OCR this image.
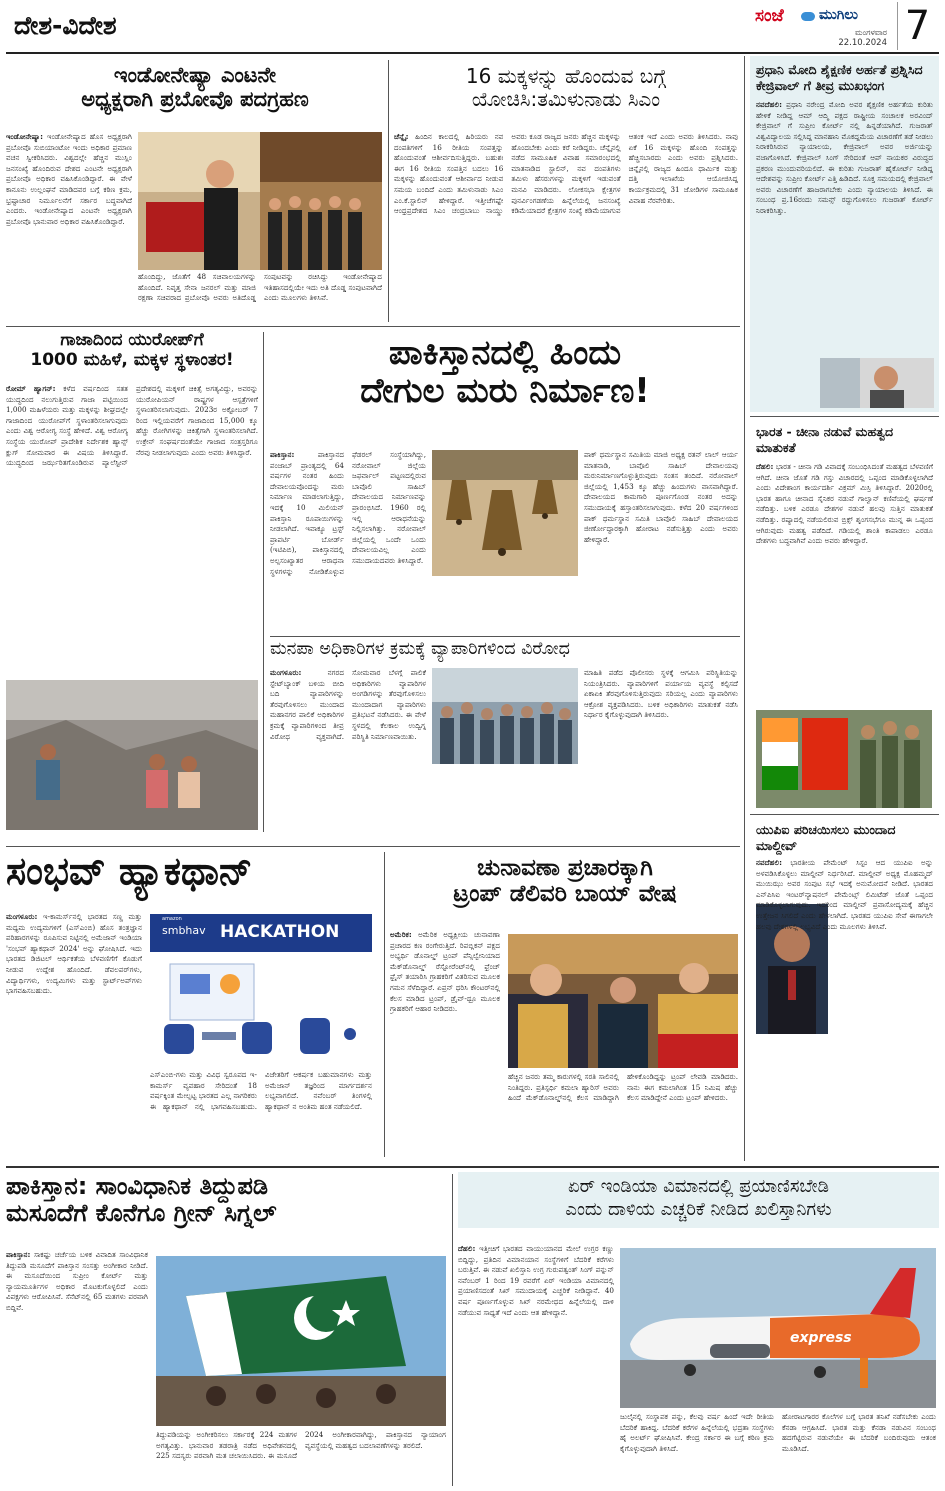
ದೇಶ-ವಿದೇಶ	ಸಂಜೆ	ಮುಗಿಲು
ಮಂಗಳವಾರ
22.10.2024 7
ಇಂಡೋನೇಷ್ಯಾ ಎಂಟನೇ
ಅಧ್ಯಕ್ಷರಾಗಿ ಪ್ರಬೋವೊ ಪದಗ್ರಹಣ
ಇಂಡೋನೇಷ್ಯಾ: ಇಂಡೋನೇಷ್ಯಾದ ಹೊಸ ಅಧ್ಯಕ್ಷರಾಗಿ ಪ್ರಬೋವೊ ಸುಬಿಯಾಂಟೋ ಇಂದು ಅಧಿಕಾರ ಪ್ರಮಾಣ ವಚನ ಸ್ವೀಕರಿಸಿದರು. ವಿಶ್ವದಲ್ಲೇ ಹೆಚ್ಚಿನ ಮುಸ್ಲಿಂ ಜನಸಂಖ್ಯೆ ಹೊಂದಿರುವ ದೇಶದ ಎಂಟನೇ ಅಧ್ಯಕ್ಷರಾಗಿ ಪ್ರಬೋವೊ ಅಧಿಕಾರ ವಹಿಸಿಕೊಂಡಿದ್ದಾರೆ. ಈ ವೇಳೆ ಕಾನೂನು ಉಲ್ಲಂಘನೆ ಮಾಡಿದವರ ಬಗ್ಗೆ ಕಠಿಣ ಕ್ರಮ, ಭ್ರಷ್ಟಾಚಾರ ನಿರ್ಮೂಲನೆಗೆ ಸರ್ಕಾರ ಬದ್ಧವಾಗಿದೆ ಎಂದರು. ಇಂಡೋನೇಷ್ಯಾದ ಎಂಟನೇ ಅಧ್ಯಕ್ಷರಾಗಿ ಪ್ರಬೋವೊ ಭಾನುವಾರ ಅಧಿಕಾರ ವಹಿಸಿಕೊಂಡಿದ್ದಾರೆ.
ಹೊಂದಿದ್ದು, ಜೊತೆಗೆ 48 ಸಚಿವಾಲಯಗಳನ್ನು ಹೊಂದಿದೆ. ನಿವೃತ್ತ ಸೇನಾ ಜನರಲ್ ಮತ್ತು ಮಾಜಿ ರಕ್ಷಣಾ ಸಚಿವರಾದ ಪ್ರಬೋವೊ ಅವರು ಅತಿದೊಡ್ಡ ಸಂಪುಟವನ್ನು ರಚಿಸಿದ್ದು ಇಂಡೋನೇಷ್ಯಾದ ಇತಿಹಾಸದಲ್ಲಿಯೇ ಇದು ಅತಿ ದೊಡ್ಡ ಸಂಪುಟವಾಗಿದೆ ಎಂದು ಮೂಲಗಳು ತಿಳಿಸಿವೆ.
16 ಮಕ್ಕಳನ್ನು ಹೊಂದುವ ಬಗ್ಗೆ
ಯೋಚಿಸಿ:ತಮಿಳುನಾಡು ಸಿಎಂ
ಚೆನ್ನೈ: ಹಿಂದಿನ ಕಾಲದಲ್ಲಿ ಹಿರಿಯರು ನವ ದಂಪತಿಗಳಿಗೆ 16 ರೀತಿಯ ಸಂಪತ್ತನ್ನು ಹೊಂದುವಂತೆ ಆಶೀರ್ವದಿಸುತ್ತಿದ್ದರು. ಬಹುಶಃ ಈಗ 16 ರೀತಿಯ ಸಂಪತ್ತಿನ ಬದಲು 16 ಮಕ್ಕಳನ್ನು ಹೊಂದುವಂತೆ ಆಶೀರ್ವಾದ ನೀಡುವ ಸಮಯ ಬಂದಿದೆ ಎಂದು ತಮಿಳುನಾಡು ಸಿಎಂ ಎಂ.ಕೆ.ಸ್ಟಾಲಿನ್ ಹೇಳಿದ್ದಾರೆ. ಇತ್ತೀಚೆಗಷ್ಟೇ ಆಂಧ್ರಪ್ರದೇಶದ ಸಿಎಂ ಚಂದ್ರಬಾಬು ನಾಯ್ಡು ಅವರು ಕೂಡ ರಾಜ್ಯದ ಜನರು ಹೆಚ್ಚಿನ ಮಕ್ಕಳನ್ನು ಹೊಂದಬೇಕು ಎಂದು ಕರೆ ನೀಡಿದ್ದರು. ಚೆನ್ನೈನಲ್ಲಿ ನಡೆದ ಸಾಮೂಹಿಕ ವಿವಾಹ ಸಮಾರಂಭದಲ್ಲಿ ಮಾತನಾಡಿದ ಸ್ಟಾಲಿನ್, ನವ ದಂಪತಿಗಳು ತಮಿಳು ಹೆಸರುಗಳನ್ನು ಮಕ್ಕಳಿಗೆ ಇಡುವಂತೆ ಮನವಿ ಮಾಡಿದರು. ಲೋಕಸಭಾ ಕ್ಷೇತ್ರಗಳ ಪುನರ್ವಿಂಗಡಣೆಯ ಹಿನ್ನೆಲೆಯಲ್ಲಿ ಜನಸಂಖ್ಯೆ ಕಡಿಮೆಯಾದರೆ ಕ್ಷೇತ್ರಗಳ ಸಂಖ್ಯೆ ಕಡಿಮೆಯಾಗುವ ಆತಂಕ ಇದೆ ಎಂದು ಅವರು ತಿಳಿಸಿದರು. ನಾವು ಏಕೆ 16 ಮಕ್ಕಳನ್ನು ಹೊಂದಿ ಸಂಪತ್ತನ್ನು ಹೆಚ್ಚಿಸಬಾರದು ಎಂದು ಅವರು ಪ್ರಶ್ನಿಸಿದರು. ಚಿನ್ನೈನಲ್ಲಿ ರಾಜ್ಯದ ಹಿಂದೂ ಧಾರ್ಮಿಕ ಮತ್ತು ದತ್ತಿ ಇಲಾಖೆಯ ಆಯೋಜಿಸಿದ್ದ ಕಾರ್ಯಕ್ರಮದಲ್ಲಿ 31 ಜೋಡಿಗಳ ಸಾಮೂಹಿಕ ವಿವಾಹ ನೆರವೇರಿತು.
ಪ್ರಧಾನಿ ಮೋದಿ ಶೈಕ್ಷಣಿಕ ಅರ್ಹತೆ ಪ್ರಶ್ನಿಸಿದ ಕೇಜ್ರಿವಾಲ್ ಗೆ ತೀವ್ರ ಮುಖಭಂಗ
ನವದೆಹಲಿ: ಪ್ರಧಾನಿ ನರೇಂದ್ರ ಮೋದಿ ಅವರ ಶೈಕ್ಷಣಿಕ ಅರ್ಹತೆಯ ಕುರಿತು ಹೇಳಿಕೆ ನೀಡಿದ್ದ ಆಮ್ ಆದ್ಮಿ ಪಕ್ಷದ ರಾಷ್ಟ್ರೀಯ ಸಂಚಾಲಕ ಅರವಿಂದ್ ಕೇಜ್ರಿವಾಲ್ ಗೆ ಸುಪ್ರೀಂ ಕೋರ್ಟ್ ನಲ್ಲಿ ಹಿನ್ನಡೆಯಾಗಿದೆ. ಗುಜರಾತ್ ವಿಶ್ವವಿದ್ಯಾಲಯ ಸಲ್ಲಿಸಿದ್ದ ಮಾನಹಾನಿ ಮೊಕದ್ದಮೆಯ ವಿಚಾರಣೆಗೆ ತಡೆ ನೀಡಲು ನಿರಾಕರಿಸಿರುವ ನ್ಯಾಯಾಲಯ, ಕೇಜ್ರಿವಾಲ್ ಅವರ ಅರ್ಜಿಯನ್ನು ವಜಾಗೊಳಿಸಿದೆ. ಕೇಜ್ರಿವಾಲ್ ಸಿಂಗ್ ಸೇರಿದಂತೆ ಆಪ್ ನಾಯಕರ ವಿರುದ್ಧದ ಪ್ರಕರಣ ಮುಂದುವರಿಯಲಿದೆ. ಈ ಕುರಿತು ಗುಜರಾತ್ ಹೈಕೋರ್ಟ್ ನೀಡಿದ್ದ ಆದೇಶವನ್ನು ಸುಪ್ರೀಂ ಕೋರ್ಟ್ ಎತ್ತಿ ಹಿಡಿದಿದೆ. ಸೂಕ್ತ ಸಮಯದಲ್ಲಿ ಕೇಜ್ರಿವಾಲ್ ಅವರು ವಿಚಾರಣೆಗೆ ಹಾಜರಾಗಬೇಕು ಎಂದು ನ್ಯಾಯಾಲಯ ತಿಳಿಸಿದೆ. ಈ ಸಂಬಂಧ ಪ್ರ.16ರಂದು ಸಮನ್ಸ್ ರದ್ದುಗೊಳಿಸಲು ಗುಜರಾತ್ ಕೋರ್ಟ್ ನಿರಾಕರಿಸಿತ್ತು.
ಗಾಜಾದಿಂದ ಯುರೋಪ್‌ಗೆ
1000 ಮಹಿಳೆ, ಮಕ್ಕಳ ಸ್ಥಳಾಂತರ!
ರೋಮ್ ಹ್ಯಾಗನ್: ಕಳೆದ ವರ್ಷದಿಂದ ಸತತ ಯುದ್ಧದಿಂದ ನಲುಗುತ್ತಿರುವ ಗಾಜಾ ಪಟ್ಟಿಯಿಂದ 1,000 ಮಹಿಳೆಯರು ಮತ್ತು ಮಕ್ಕಳನ್ನು ಶೀಘ್ರದಲ್ಲೇ ಗಾಜಾದಿಂದ ಯುರೋಪ್‌ಗೆ ಸ್ಥಳಾಂತರಿಸಲಾಗುವುದು ಎಂದು ವಿಶ್ವ ಆರೋಗ್ಯ ಸಂಸ್ಥೆ ಹೇಳಿದೆ. ವಿಶ್ವ ಆರೋಗ್ಯ ಸಂಸ್ಥೆಯ ಯುರೋಪ್ ಪ್ರಾದೇಶಿಕ ನಿರ್ದೇಶಕ ಹ್ಯಾನ್ಸ್ ಕ್ಲುಗ್ ಸೋಮವಾರ ಈ ವಿಷಯ ತಿಳಿಸಿದ್ದಾರೆ. ಯುದ್ಧದಿಂದ ಜರ್ಝರಿತಗೊಂಡಿರುವ ಪ್ಯಾಲೆಸ್ಟೀನ್ ಪ್ರದೇಶದಲ್ಲಿ ಮಕ್ಕಳಿಗೆ ಚಿಕಿತ್ಸೆ ಅಗತ್ಯವಿದ್ದು, ಅವರನ್ನು ಯುರೋಪಿಯನ್ ರಾಷ್ಟ್ರಗಳ ಆಸ್ಪತ್ರೆಗಳಿಗೆ ಸ್ಥಳಾಂತರಿಸಲಾಗುವುದು. 2023ರ ಅಕ್ಟೋಬರ್ 7 ರಿಂದ ಇಲ್ಲಿಯವರೆಗೆ ಗಾಜಾದಿಂದ 15,000 ಕ್ಕೂ ಹೆಚ್ಚು ರೋಗಿಗಳನ್ನು ಚಿಕಿತ್ಸೆಗಾಗಿ ಸ್ಥಳಾಂತರಿಸಲಾಗಿದೆ. ಉಕ್ರೇನ್ ಸಂಘರ್ಷದಂತೆಯೇ ಗಾಜಾದ ಸಂತ್ರಸ್ತರಿಗೂ ನೆರವು ನೀಡಲಾಗುವುದು ಎಂದು ಅವರು ತಿಳಿಸಿದ್ದಾರೆ.
ಪಾಕಿಸ್ತಾನದಲ್ಲಿ ಹಿಂದು
ದೇಗುಲ ಮರು ನಿರ್ಮಾಣ!
ಪಾಕಿಸ್ತಾನ:	ಪಾಕಿಸ್ತಾನದ ಪಂಜಾಬ್ ಪ್ರಾಂತ್ಯದಲ್ಲಿ 64 ವರ್ಷಗಳ ನಂತರ ಹಿಂದು ದೇವಾಲಯವೊಂದನ್ನು ಮರು ನಿರ್ಮಾಣ ಮಾಡಲಾಗುತ್ತಿದ್ದು, ಇದಕ್ಕೆ 10 ಮಿಲಿಯನ್ ಪಾಕಿಸ್ತಾನಿ ರೂಪಾಯಿಗಳನ್ನು ನೀಡಲಾಗಿದೆ. ಇವಾಕ್ಯೂ ಟ್ರಸ್ಟ್ ಪ್ರಾಪರ್ಟಿ ಬೋರ್ಡ್ (ಇಟಿಪಿಬಿ), ಪಾಕಿಸ್ತಾನದಲ್ಲಿ ಅಲ್ಪಸಂಖ್ಯಾತರ ಆರಾಧನಾ ಸ್ಥಳಗಳನ್ನು ನೋಡಿಕೊಳ್ಳುವ ಫೆಡರಲ್ ಸಂಸ್ಥೆಯಾಗಿದ್ದು, ನರೋವಾಲ್ ಜಿಲ್ಲೆಯ ಜಫರ್ವಾಲ್ ಪಟ್ಟಣದಲ್ಲಿರುವ ಬಾವೊಲಿ ಸಾಹಿಬ್ ದೇವಾಲಯದ ನಿರ್ಮಾಣವನ್ನು ಪ್ರಾರಂಭಿಸಿದೆ. 1960 ರಲ್ಲಿ ಇಲ್ಲಿ ಆರಾಧನೆಯನ್ನು ನಿಲ್ಲಿಸಲಾಗಿತ್ತು. ನರೋವಾಲ್ ಜಿಲ್ಲೆಯಲ್ಲಿ ಒಂದೇ ಒಂದು ದೇವಾಲಯವಿಲ್ಲ ಎಂದು ಸಮುದಾಯದವರು ತಿಳಿಸಿದ್ದಾರೆ.
ಪಾಕ್ ಧರ್ಮಸ್ಥಾನ ಸಮಿತಿಯ ಮಾಜಿ ಅಧ್ಯಕ್ಷ ರತನ್ ಲಾಲ್ ಆರ್ಯ ಮಾತನಾಡಿ, ಬಾವೊಲಿ ಸಾಹಿಬ್ ದೇವಾಲಯವು ಮರುನಿರ್ಮಾಣಗೊಳ್ಳುತ್ತಿರುವುದು ಸಂತಸ ತಂದಿದೆ. ನರೋವಾಲ್ ಜಿಲ್ಲೆಯಲ್ಲಿ 1,453 ಕ್ಕೂ ಹೆಚ್ಚು ಹಿಂದುಗಳು ವಾಸವಾಗಿದ್ದಾರೆ. ದೇವಾಲಯದ ಕಾಮಗಾರಿ ಪೂರ್ಣಗೊಂಡ ನಂತರ ಅದನ್ನು ಸಮುದಾಯಕ್ಕೆ ಹಸ್ತಾಂತರಿಸಲಾಗುವುದು. ಕಳೆದ 20 ವರ್ಷಗಳಿಂದ ಪಾಕ್ ಧರ್ಮಸ್ಥಾನ ಸಮಿತಿ ಬಾವೊಲಿ ಸಾಹಿಬ್ ದೇವಾಲಯದ ಜೀರ್ಣೋದ್ಧಾರಕ್ಕಾಗಿ ಹೋರಾಟ ನಡೆಸುತ್ತಿತ್ತು ಎಂದು ಅವರು ಹೇಳಿದ್ದಾರೆ.
ಭಾರತ - ಚೀನಾ ನಡುವೆ ಮಹತ್ವದ ಮಾತುಕತೆ
ದೆಹಲಿ: ಭಾರತ - ಚೀನಾ ಗಡಿ ವಿವಾದಕ್ಕೆ ಸಂಬಂಧಿಸಿದಂತೆ ಮಹತ್ವದ ಬೆಳವಣಿಗೆ ಆಗಿದೆ. ಚೀನಾ ಜೊತೆ ಗಡಿ ಗಸ್ತು ವಿಚಾರದಲ್ಲಿ ಒಪ್ಪಂದ ಮಾಡಿಕೊಳ್ಳಲಾಗಿದೆ ಎಂದು ವಿದೇಶಾಂಗ ಕಾರ್ಯದರ್ಶಿ ವಿಕ್ರಮ್ ಮಿಸ್ರಿ ತಿಳಿಸಿದ್ದಾರೆ. 2020ರಲ್ಲಿ ಭಾರತ ಹಾಗೂ ಚೀನಾದ ಸೈನಿಕರ ನಡುವೆ ಗಾಲ್ವಾನ್ ಕಣಿವೆಯಲ್ಲಿ ಘರ್ಷಣೆ ನಡೆದಿತ್ತು. ಬಳಿಕ ಎರಡೂ ದೇಶಗಳ ನಡುವೆ ಹಲವು ಸುತ್ತಿನ ಮಾತುಕತೆ ನಡೆದಿತ್ತು. ರಷ್ಯಾದಲ್ಲಿ ನಡೆಯಲಿರುವ ಬ್ರಿಕ್ಸ್ ಶೃಂಗಸಭೆಗೂ ಮುನ್ನ ಈ ಒಪ್ಪಂದ ಆಗಿರುವುದು ಮಹತ್ವ ಪಡೆದಿದೆ. ಗಡಿಯಲ್ಲಿ ಶಾಂತಿ ಕಾಪಾಡಲು ಎರಡೂ ದೇಶಗಳು ಬದ್ಧವಾಗಿವೆ ಎಂದು ಅವರು ಹೇಳಿದ್ದಾರೆ.
ಮನಪಾ ಅಧಿಕಾರಿಗಳ ಕ್ರಮಕ್ಕೆ ವ್ಯಾಪಾರಿಗಳಿಂದ ವಿರೋಧ
ಮಂಗಳೂರು:	ನಗರದ ಸ್ಟೇಟ್‌ಬ್ಯಾಂಕ್ ಬಳಿಯ ಬೀದಿ ಬದಿ ವ್ಯಾಪಾರಿಗಳನ್ನು ತೆರವುಗೊಳಿಸಲು ಮುಂದಾದ ಮಹಾನಗರ ಪಾಲಿಕೆ ಅಧಿಕಾರಿಗಳ ಕ್ರಮಕ್ಕೆ ವ್ಯಾಪಾರಿಗಳಿಂದ ತೀವ್ರ ವಿರೋಧ ವ್ಯಕ್ತವಾಗಿದೆ. ಸೋಮವಾರ ಬೆಳಗ್ಗೆ ಪಾಲಿಕೆ ಅಧಿಕಾರಿಗಳು ವ್ಯಾಪಾರಿಗಳ ಅಂಗಡಿಗಳನ್ನು ತೆರವುಗೊಳಿಸಲು ಮುಂದಾದಾಗ ವ್ಯಾಪಾರಿಗಳು ಪ್ರತಿಭಟನೆ ನಡೆಸಿದರು. ಈ ವೇಳೆ ಸ್ಥಳದಲ್ಲಿ ಕೆಲಕಾಲ ಉದ್ವಿಗ್ನ ಪರಿಸ್ಥಿತಿ ನಿರ್ಮಾಣವಾಯಿತು.
ಮಾಹಿತಿ ಪಡೆದ ಪೊಲೀಸರು ಸ್ಥಳಕ್ಕೆ ಆಗಮಿಸಿ ಪರಿಸ್ಥಿತಿಯನ್ನು ನಿಯಂತ್ರಿಸಿದರು. ವ್ಯಾಪಾರಿಗಳಿಗೆ ಪರ್ಯಾಯ ವ್ಯವಸ್ಥೆ ಕಲ್ಪಿಸದೆ ಏಕಾಏಕಿ ತೆರವುಗೊಳಿಸುತ್ತಿರುವುದು ಸರಿಯಲ್ಲ ಎಂದು ವ್ಯಾಪಾರಿಗಳು ಆಕ್ರೋಶ ವ್ಯಕ್ತಪಡಿಸಿದರು. ಬಳಿಕ ಅಧಿಕಾರಿಗಳು ಮಾತುಕತೆ ನಡೆಸಿ ನಿರ್ಧಾರ ಕೈಗೊಳ್ಳುವುದಾಗಿ ತಿಳಿಸಿದರು.
ಸಂಭವ್ ಹ್ಯಾಕಥಾನ್
ಮಂಗಳೂರು: ಇ-ಕಾಮರ್ಸ್‌ನಲ್ಲಿ ಭಾರತದ ಸಣ್ಣ ಮತ್ತು ಮಧ್ಯಮ ಉದ್ಯಮಗಳಿಗೆ (ಎಸ್‌ಎಂಬಿ) ಹೊಸ ತಂತ್ರಜ್ಞಾನ ಪರಿಹಾರಗಳನ್ನು ರೂಪಿಸುವ ನಿಟ್ಟಿನಲ್ಲಿ ಅಮೆಜಾನ್ ಇಂಡಿಯಾ 'ಸಂಭವ್ ಹ್ಯಾಕಥಾನ್ 2024' ಅನ್ನು ಘೋಷಿಸಿದೆ. ಇದು ಭಾರತದ ಡಿಜಿಟಲ್ ಆರ್ಥಿಕತೆಯ ಬೆಳವಣಿಗೆಗೆ ಕೊಡುಗೆ ನೀಡುವ ಉದ್ದೇಶ ಹೊಂದಿದೆ. ಡೆವಲಪರ್‌ಗಳು, ವಿದ್ಯಾರ್ಥಿಗಳು, ಉದ್ಯಮಿಗಳು ಮತ್ತು ಸ್ಟಾರ್ಟ್‌ಅಪ್‌ಗಳು ಭಾಗವಹಿಸಬಹುದು.
amazon
smbhav HACKATHON
ಎಸ್‌ಎಂಬಿ-ಗಳು ಮತ್ತು ವಿವಿಧ ಸ್ವರೂಪದ ಇ-ಕಾಮರ್ಸ್ ವ್ಯವಹಾರ ಸೇರಿದಂತೆ 18 ವರ್ಷಕ್ಕಿಂತ ಮೇಲ್ಪಟ್ಟ ಭಾರತದ ಎಲ್ಲ ನಾಗರಿಕರು ಈ ಹ್ಯಾಕಥಾನ್ ನಲ್ಲಿ ಭಾಗವಹಿಸಬಹುದು. ವಿಜೇತರಿಗೆ ಆಕರ್ಷಕ ಬಹುಮಾನಗಳು ಮತ್ತು ಅಮೆಜಾನ್ ತಜ್ಞರಿಂದ ಮಾರ್ಗದರ್ಶನ ಲಭ್ಯವಾಗಲಿದೆ. ನವೆಂಬರ್ ತಿಂಗಳಲ್ಲಿ ಹ್ಯಾಕಥಾನ್ ನ ಅಂತಿಮ ಹಂತ ನಡೆಯಲಿದೆ.
ಚುನಾವಣಾ ಪ್ರಚಾರಕ್ಕಾಗಿ
ಟ್ರಂಪ್ ಡೆಲಿವರಿ ಬಾಯ್ ವೇಷ
ಅಮೆರಿಕ: ಅಮೆರಿಕ ಅಧ್ಯಕ್ಷೀಯ ಚುನಾವಣಾ ಪ್ರಚಾರದ ಕಣ ರಂಗೇರುತ್ತಿದೆ. ರಿಪಬ್ಲಿಕನ್ ಪಕ್ಷದ ಅಭ್ಯರ್ಥಿ ಡೊನಾಲ್ಡ್ ಟ್ರಂಪ್ ಪೆನ್ಸಿಲ್ವೇನಿಯಾದ ಮೆಕ್‌ಡೊನಾಲ್ಡ್ ರೆಸ್ಟೋರೆಂಟ್‌ನಲ್ಲಿ ಫ್ರೆಂಚ್ ಫ್ರೈಸ್ ತಯಾರಿಸಿ ಗ್ರಾಹಕರಿಗೆ ವಿತರಿಸುವ ಮೂಲಕ ಗಮನ ಸೆಳೆದಿದ್ದಾರೆ. ಏಪ್ರನ್ ಧರಿಸಿ ಕೌಂಟರ್‌ನಲ್ಲಿ ಕೆಲಸ ಮಾಡಿದ ಟ್ರಂಪ್, ಡ್ರೈವ್-ಥ್ರೂ ಮೂಲಕ ಗ್ರಾಹಕರಿಗೆ ಆಹಾರ ನೀಡಿದರು.
ಹೆಚ್ಚಿನ ಜನರು ತಮ್ಮ ಕಾರುಗಳಲ್ಲಿ ಸರತಿ ಸಾಲಿನಲ್ಲಿ ನಿಂತಿದ್ದರು. ಪ್ರತಿಸ್ಪರ್ಧಿ ಕಮಲಾ ಹ್ಯಾರಿಸ್ ಅವರು ಹಿಂದೆ ಮೆಕ್‌ಡೊನಾಲ್ಡ್‌ನಲ್ಲಿ ಕೆಲಸ ಮಾಡಿದ್ದಾಗಿ ಹೇಳಿಕೊಂಡಿದ್ದನ್ನು ಟ್ರಂಪ್ ಲೇವಡಿ ಮಾಡಿದರು. ನಾನು ಈಗ ಕಮಲಾಗಿಂತ 15 ನಿಮಿಷ ಹೆಚ್ಚು ಕೆಲಸ ಮಾಡಿದ್ದೇನೆ ಎಂದು ಟ್ರಂಪ್ ಹೇಳಿದರು.
ಯುಪಿಐ ಪರಿಚಯಿಸಲು ಮುಂದಾದ ಮಾಲ್ದೀವ್
ನವದೆಹಲಿ: ಭಾರತೀಯ ಪೇಮೆಂಟ್ ಸಿಸ್ಟಂ ಆದ ಯುಪಿಐ ಅನ್ನು ಅಳವಡಿಸಿಕೊಳ್ಳಲು ಮಾಲ್ದೀವ್ ನಿರ್ಧರಿಸಿದೆ. ಮಾಲ್ದೀವ್ ಅಧ್ಯಕ್ಷ ಮೊಹಮ್ಮದ್ ಮುಯಿಝು ಅವರ ಸಂಪುಟ ಸಭೆ ಇದಕ್ಕೆ ಅನುಮೋದನೆ ನೀಡಿದೆ. ಭಾರತದ ಎನ್‌ಪಿಸಿಐ ಇಂಟರ್‌ನ್ಯಾಷನಲ್ ಪೇಮೆಂಟ್ಸ್ ಲಿಮಿಟೆಡ್ ಜೊತೆ ಒಪ್ಪಂದ ಮಾಡಿಕೊಳ್ಳಲಾಗುವುದು. ಇದರಿಂದ ಮಾಲ್ದೀವ್ ಪ್ರವಾಸೋದ್ಯಮಕ್ಕೆ ಹೆಚ್ಚಿನ ಉತ್ತೇಜನ ಸಿಗಲಿದೆ ಎಂದು ಹೇಳಲಾಗಿದೆ. ಭಾರತದ ಯುಪಿಐ ಸೇವೆ ಈಗಾಗಲೇ ಹಲವು ದೇಶಗಳಲ್ಲಿ ಲಭ್ಯವಿದೆ ಎಂದು ಮೂಲಗಳು ತಿಳಿಸಿವೆ.
ಪಾಕಿಸ್ತಾನ: ಸಾಂವಿಧಾನಿಕ ತಿದ್ದುಪಡಿ
ಮಸೂದೆಗೆ ಕೊನೆಗೂ ಗ್ರೀನ್ ಸಿಗ್ನಲ್
ಪಾಕಿಸ್ತಾನ: ಸಾಕಷ್ಟು ಚರ್ಚೆಯ ಬಳಿಕ ವಿವಾದಿತ ಸಾಂವಿಧಾನಿಕ ತಿದ್ದುಪಡಿ ಮಸೂದೆಗೆ ಪಾಕಿಸ್ತಾನ ಸಂಸತ್ತು ಅಂಗೀಕಾರ ನೀಡಿದೆ. ಈ ಮಸೂದೆಯಿಂದ ಸುಪ್ರೀಂ ಕೋರ್ಟ್ ಮತ್ತು ನ್ಯಾಯಮೂರ್ತಿಗಳ ಅಧಿಕಾರ ಮೊಟಕುಗೊಳ್ಳಲಿದೆ ಎಂದು ವಿಪಕ್ಷಗಳು ಆರೋಪಿಸಿವೆ. ಸೆನೆಟ್‌ನಲ್ಲಿ 65 ಮತಗಳು ಪರವಾಗಿ ಬಿದ್ದಿವೆ.
ತಿದ್ದುಪಡಿಯನ್ನು ಅಂಗೀಕರಿಸಲು ಸರ್ಕಾರಕ್ಕೆ 224 ಮತಗಳ ಅಗತ್ಯವಿತ್ತು. ಭಾನುವಾರ ತಡರಾತ್ರಿ ನಡೆದ ಅಧಿವೇಶನದಲ್ಲಿ 225 ಸದಸ್ಯರು ಪರವಾಗಿ ಮತ ಚಲಾಯಿಸಿದರು. ಈ ಮಸೂದೆ 2024 ಅಂಗೀಕಾರವಾಗಿದ್ದು, ಪಾಕಿಸ್ತಾನದ ನ್ಯಾಯಾಂಗ ವ್ಯವಸ್ಥೆಯಲ್ಲಿ ಮಹತ್ವದ ಬದಲಾವಣೆಗಳನ್ನು ತರಲಿದೆ.
ಏರ್ ಇಂಡಿಯಾ ವಿಮಾನದಲ್ಲಿ ಪ್ರಯಾಣಿಸಬೇಡಿ
ಎಂದು ದಾಳಿಯ ಎಚ್ಚರಿಕೆ ನೀಡಿದ ಖಲಿಸ್ತಾನಿಗಳು
ದೆಹಲಿ: ಇತ್ತೀಚಿಗೆ ಭಾರತದ ವಾಯುಯಾನದ ಮೇಲೆ ಉಗ್ರರ ಕಣ್ಣು ಬಿದ್ದಿದ್ದು, ಪ್ರತಿದಿನ ವಿಮಾನಯಾನ ಸಂಸ್ಥೆಗಳಿಗೆ ಬೆದರಿಕೆ ಕರೆಗಳು ಬರುತ್ತಿವೆ. ಈ ನಡುವೆ ಖಲಿಸ್ತಾನಿ ಉಗ್ರ ಗುರುಪತ್ವಂತ್ ಸಿಂಗ್ ಪನ್ನುನ್ ನವೆಂಬರ್ 1 ರಿಂದ 19 ರವರೆಗೆ ಏರ್ ಇಂಡಿಯಾ ವಿಮಾನದಲ್ಲಿ ಪ್ರಯಾಣಿಸದಂತೆ ಸಿಖ್ ಸಮುದಾಯಕ್ಕೆ ಎಚ್ಚರಿಕೆ ನೀಡಿದ್ದಾನೆ. 40 ವರ್ಷ ಪೂರ್ಣಗೊಳ್ಳುವ ಸಿಖ್ ನರಮೇಧದ ಹಿನ್ನೆಲೆಯಲ್ಲಿ ದಾಳಿ ನಡೆಯುವ ಸಾಧ್ಯತೆ ಇದೆ ಎಂದು ಆತ ಹೇಳಿದ್ದಾನೆ.
express
ಜುಲೈನಲ್ಲಿ ಸಂಸ್ಥಾಪಕ ಪನ್ನು, ಕೆಲವು ವರ್ಷ ಹಿಂದೆ ಇದೇ ರೀತಿಯ ಬೆದರಿಕೆ ಹಾಕಿದ್ದ. ಬೆದರಿಕೆ ಕರೆಗಳ ಹಿನ್ನೆಲೆಯಲ್ಲಿ ಭದ್ರತಾ ಸಂಸ್ಥೆಗಳು ಹೈ ಅಲರ್ಟ್ ಘೋಷಿಸಿವೆ. ಕೇಂದ್ರ ಸರ್ಕಾರ ಈ ಬಗ್ಗೆ ಕಠಿಣ ಕ್ರಮ ಕೈಗೊಳ್ಳುವುದಾಗಿ ತಿಳಿಸಿದೆ.
ಹೋರಾಟಗಾರರ ಕೊಲೆಗಳ ಬಗ್ಗೆ ಭಾರತ ತನಿಖೆ ನಡೆಸಬೇಕು ಎಂದು ಕೆನಡಾ ಆಗ್ರಹಿಸಿದೆ. ಭಾರತ ಮತ್ತು ಕೆನಡಾ ನಡುವಿನ ಸಂಬಂಧ ಹದಗೆಟ್ಟಿರುವ ನಡುವೆಯೇ ಈ ಬೆದರಿಕೆ ಬಂದಿರುವುದು ಆತಂಕ ಮೂಡಿಸಿದೆ.
